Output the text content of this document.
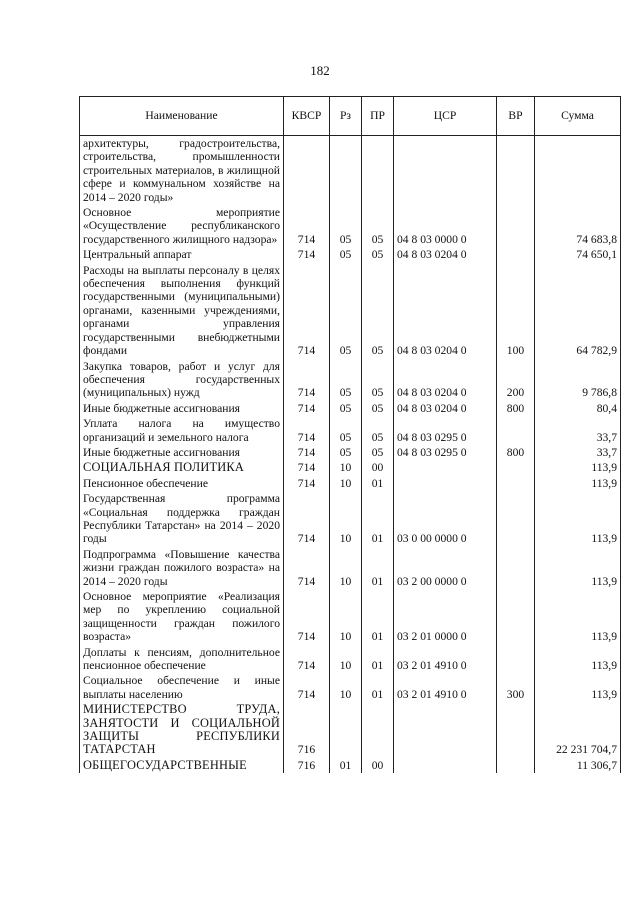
182
Наименование	КВСР	Рз	ПР	ЦСР	ВР	Сумма
архитектуры, градостроительства, строительства, промышленности строительных материалов, в жилищной сфере и коммунальном хозяйстве на 2014 – 2020 годы»						
Основное мероприятие «Осуществление республиканского государственного жилищного надзора»	714	05	05	04 8 03 0000 0		74 683,8
Центральный аппарат	714	05	05	04 8 03 0204 0		74 650,1
Расходы на выплаты персоналу в целях обеспечения выполнения функций государственными (муниципальными) органами, казенными учреждениями, органами управления государственными внебюджетными фондами	714	05	05	04 8 03 0204 0	100	64 782,9
Закупка товаров, работ и услуг для обеспечения государственных (муниципальных) нужд	714	05	05	04 8 03 0204 0	200	9 786,8
Иные бюджетные ассигнования	714	05	05	04 8 03 0204 0	800	80,4
Уплата налога на имущество организаций и земельного налога	714	05	05	04 8 03 0295 0		33,7
Иные бюджетные ассигнования	714	05	05	04 8 03 0295 0	800	33,7
СОЦИАЛЬНАЯ ПОЛИТИКА	714	10	00			113,9
Пенсионное обеспечение	714	10	01			113,9
Государственная программа «Социальная поддержка граждан Республики Татарстан» на 2014 – 2020 годы	714	10	01	03 0 00 0000 0		113,9
Подпрограмма «Повышение качества жизни граждан пожилого возраста» на 2014 – 2020 годы	714	10	01	03 2 00 0000 0		113,9
Основное мероприятие «Реализация мер по укреплению социальной защищенности граждан пожилого возраста»	714	10	01	03 2 01 0000 0		113,9
Доплаты к пенсиям, дополнительное пенсионное обеспечение	714	10	01	03 2 01 4910 0		113,9
Социальное обеспечение и иные выплаты населению	714	10	01	03 2 01 4910 0	300	113,9
МИНИСТЕРСТВО ТРУДА, ЗАНЯТОСТИ И СОЦИАЛЬНОЙ ЗАЩИТЫ РЕСПУБЛИКИ ТАТАРСТАН	716					22 231 704,7
ОБЩЕГОСУДАРСТВЕННЫЕ	716	01	00			11 306,7
